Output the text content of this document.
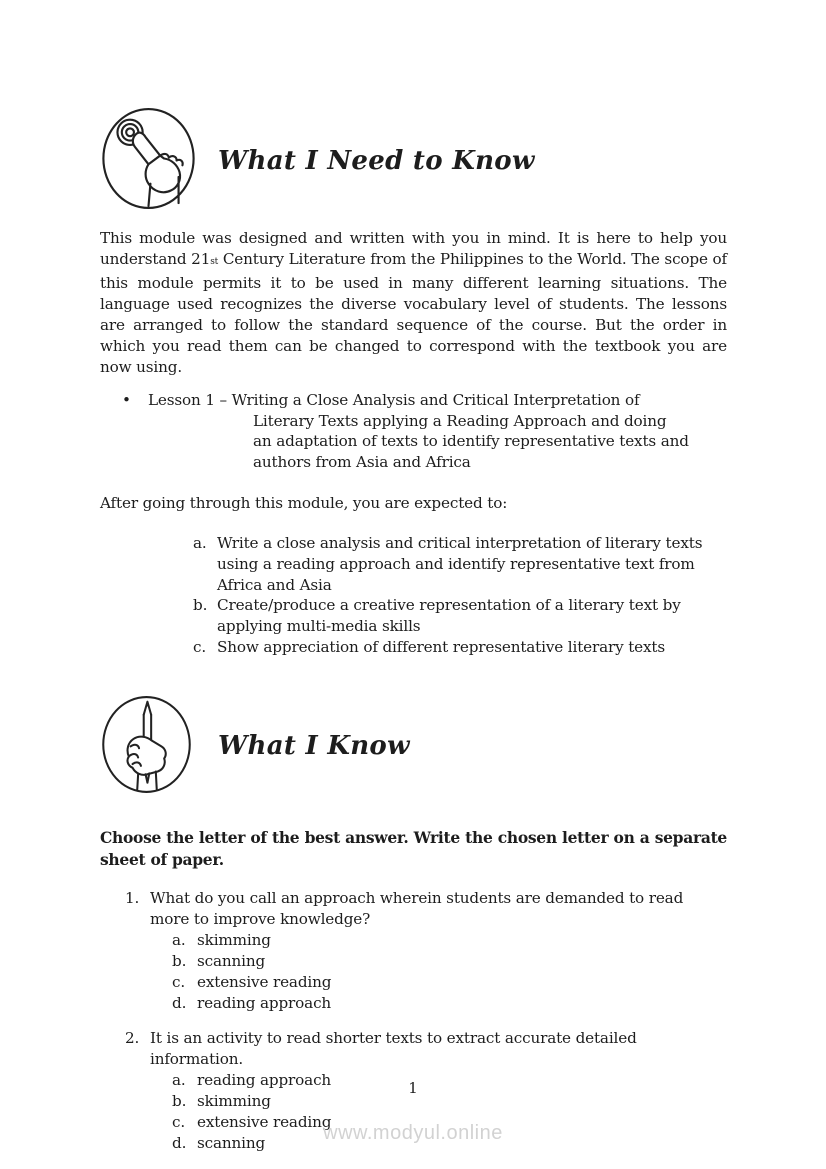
What I Need to Know

This module was designed and written with you in mind. It is here to help you understand 21st Century Literature from the Philippines to the World. The scope of this module permits it to be used in many different learning situations. The language used recognizes the diverse vocabulary level of students. The lessons are arranged to follow the standard sequence of the course. But the order in which you read them can be changed to correspond with the textbook you are now using.

•	Lesson 1 – Writing a Close Analysis and Critical Interpretation of
Literary Texts applying a Reading Approach and doing
an adaptation of texts to identify representative texts and
authors from Asia and Africa
After going through this module, you are expected to:
a. Write a close analysis and critical interpretation of literary texts using a reading approach and identify representative text from Africa and Asia
b. Create/produce a creative representation of a literary text by applying multi-media skills
c. Show appreciation of different representative literary texts
What I Know
Choose the letter of the best answer. Write the chosen letter on a separate sheet of paper.
1. What do you call an approach wherein students are demanded to read more to improve knowledge?
a. skimming
b. scanning
c. extensive reading
d. reading approach
2. It is an activity to read shorter texts to extract accurate detailed information.
a. reading approach
b. skimming
c. extensive reading
d. scanning
1
www.modyul.online
